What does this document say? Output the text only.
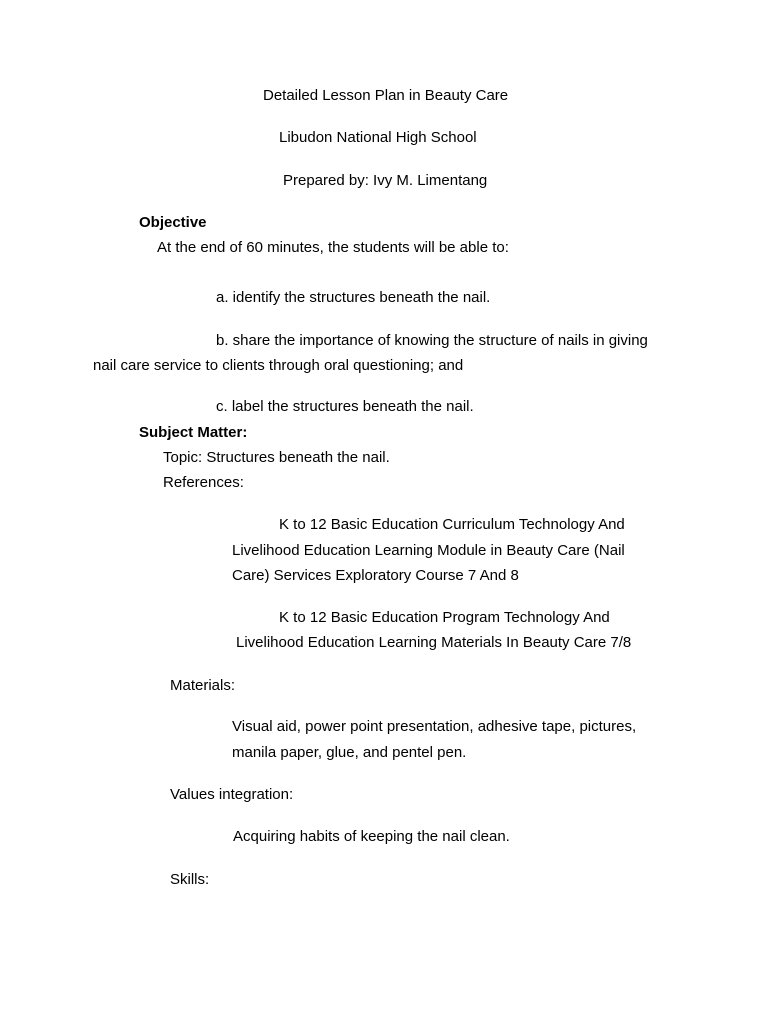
Detailed Lesson Plan in Beauty Care
Libudon National High School
Prepared by: Ivy M. Limentang
Objective
At the end of 60 minutes, the students will be able to:
a. identify the structures beneath the nail.
b. share the importance of knowing the structure of nails in giving
nail care service to clients through oral questioning; and
c. label the structures beneath the nail.
Subject Matter:
Topic: Structures beneath the nail.
References:
K to 12 Basic Education Curriculum Technology And
Livelihood Education Learning Module in Beauty Care (Nail
Care) Services Exploratory Course 7 And 8
K to 12 Basic Education Program Technology And
Livelihood Education Learning Materials In Beauty Care 7/8
Materials:
Visual aid, power point presentation, adhesive tape, pictures,
manila paper, glue, and pentel pen.
Values integration:
Acquiring habits of keeping the nail clean.
Skills:
